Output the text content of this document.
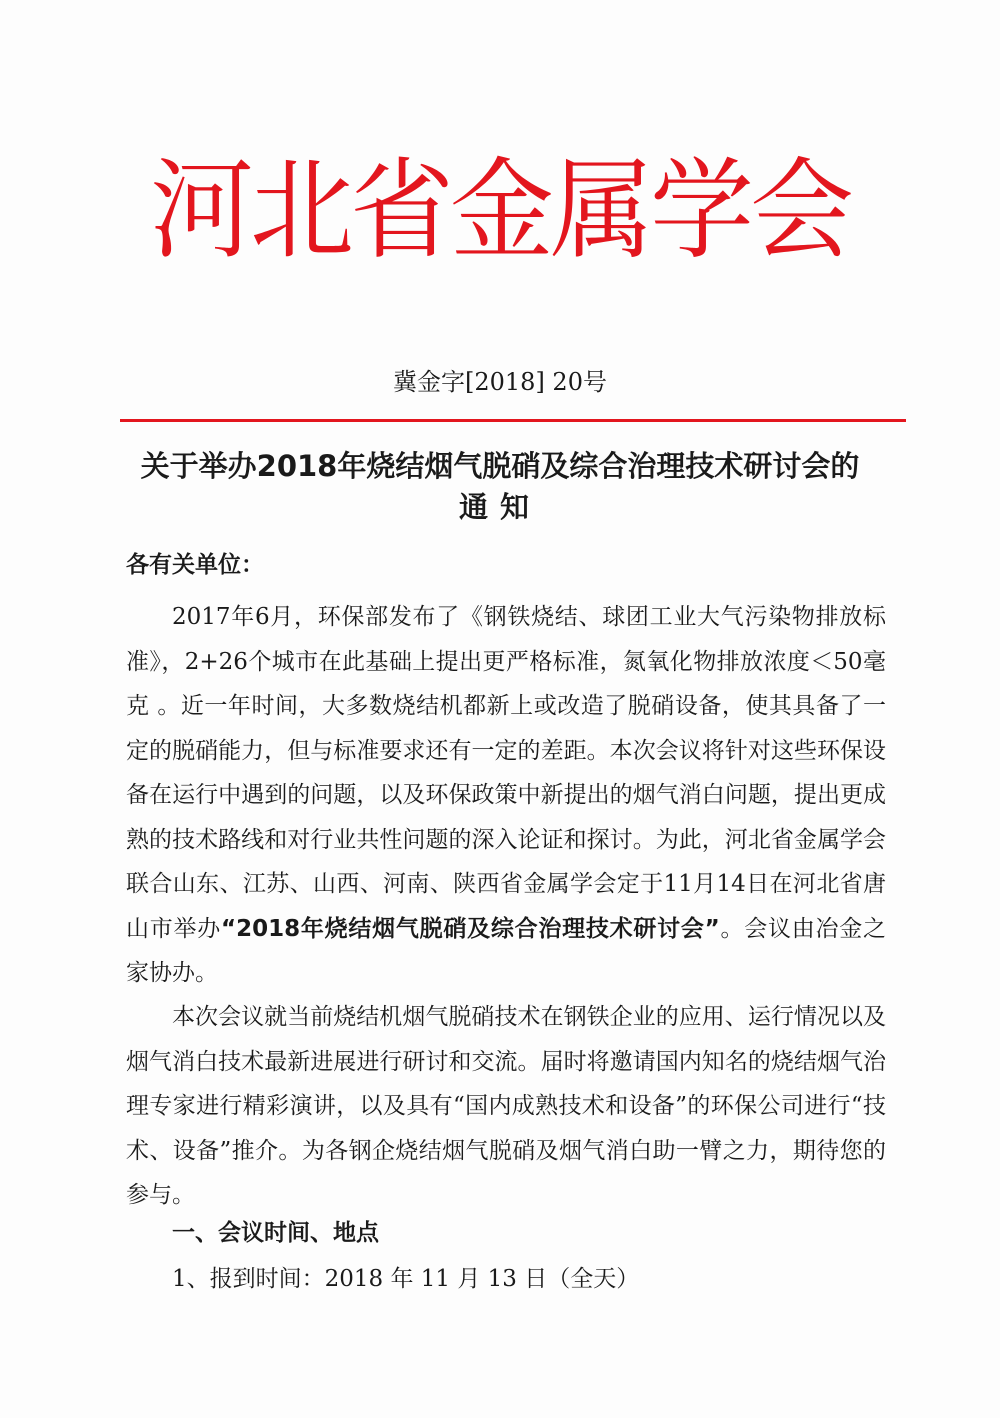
河北省金属学会
冀金字[2018] 20号
关于举办2018年烧结烟气脱硝及综合治理技术研讨会的
通知
各有关单位：
2017年6月，环保部发布了《钢铁烧结、球团工业大气污染物排放标准》，2+26个城市在此基础上提出更严格标准，氮氧化物排放浓度＜50毫克 。近一年时间，大多数烧结机都新上或改造了脱硝设备，使其具备了一定的脱硝能力，但与标准要求还有一定的差距。本次会议将针对这些环保设备在运行中遇到的问题，以及环保政策中新提出的烟气消白问题，提出更成熟的技术路线和对行业共性问题的深入论证和探讨。为此，河北省金属学会联合山东、江苏、山西、河南、陕西省金属学会定于11月14日在河北省唐山市举办“2018年烧结烟气脱硝及综合治理技术研讨会”。会议由冶金之家协办。
本次会议就当前烧结机烟气脱硝技术在钢铁企业的应用、运行情况以及烟气消白技术最新进展进行研讨和交流。届时将邀请国内知名的烧结烟气治理专家进行精彩演讲，以及具有“国内成熟技术和设备”的环保公司进行“技术、设备”推介。为各钢企烧结烟气脱硝及烟气消白助一臂之力，期待您的参与。
一、会议时间、地点
1、报到时间：2018 年 11 月 13 日（全天）
